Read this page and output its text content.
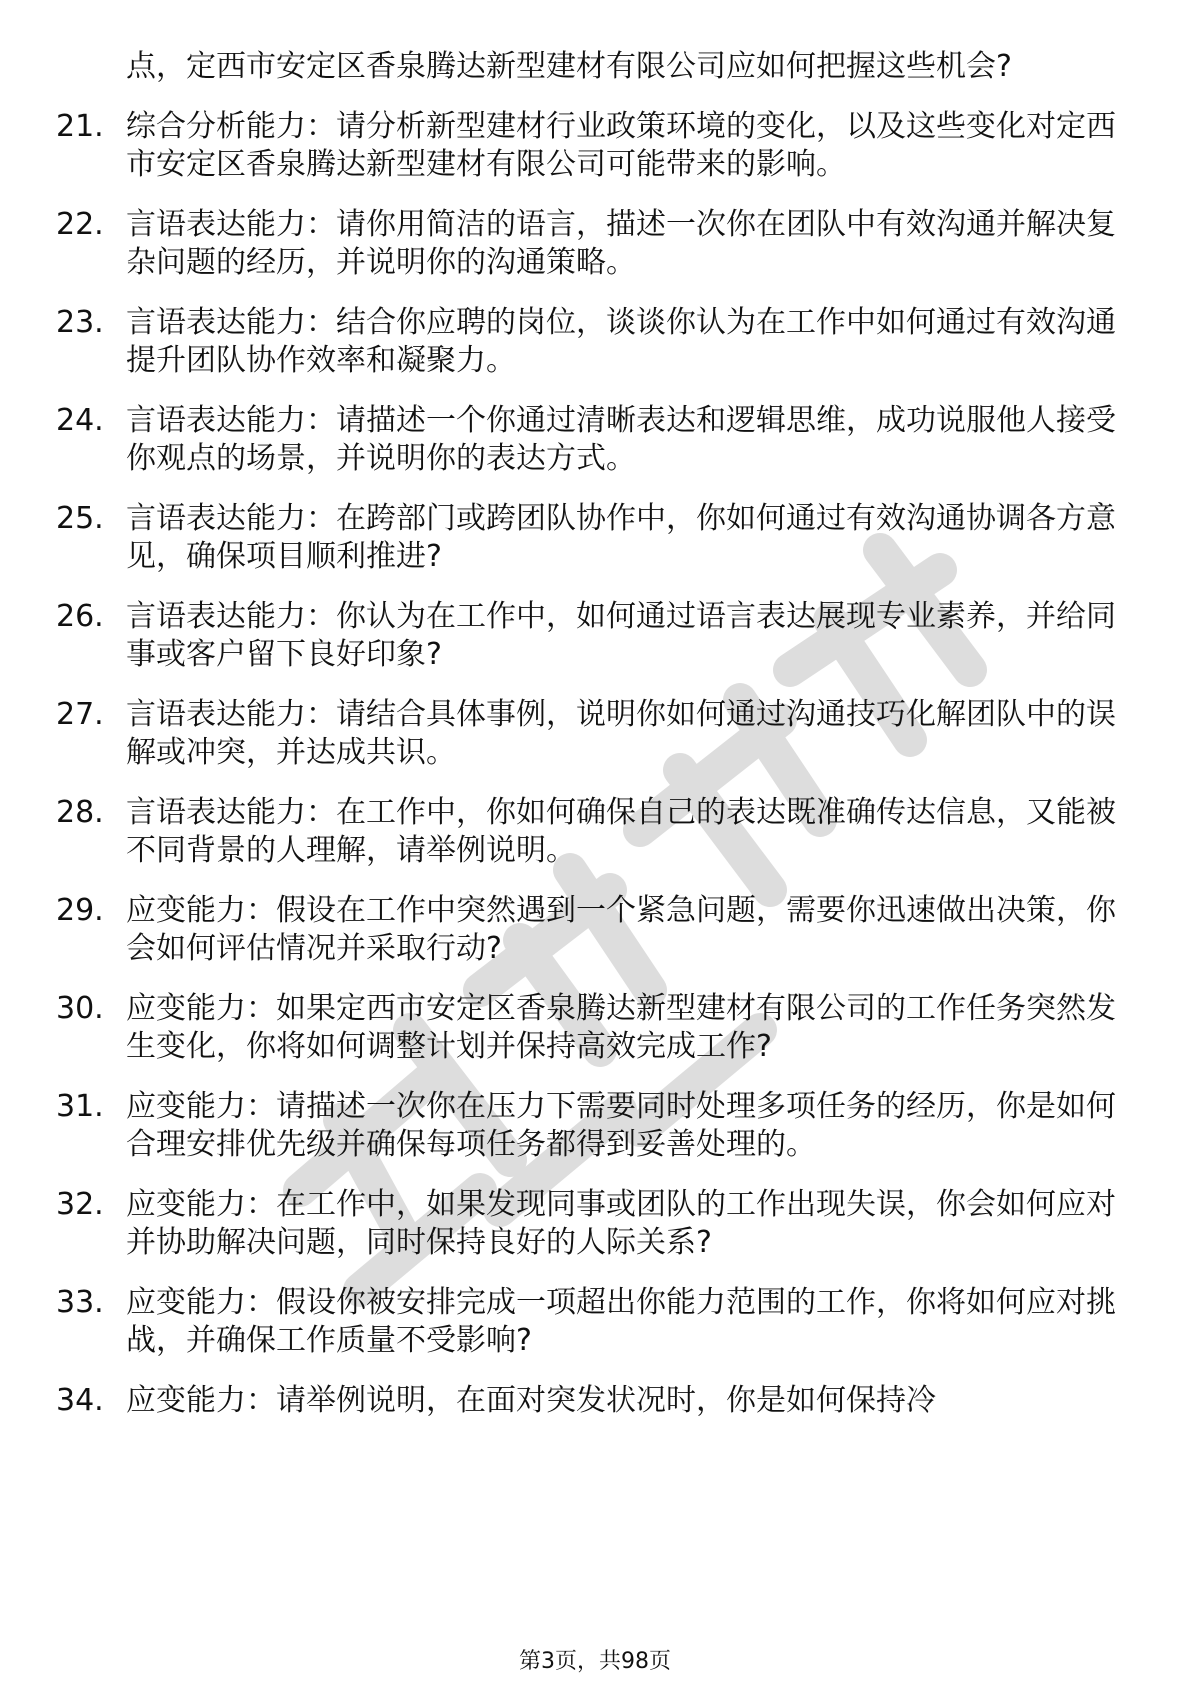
点，定西市安定区香泉腾达新型建材有限公司应如何把握这些机会?
21. 综合分析能力：请分析新型建材行业政策环境的变化，以及这些变化对定西市安定区香泉腾达新型建材有限公司可能带来的影响。
22. 言语表达能力：请你用简洁的语言，描述一次你在团队中有效沟通并解决复杂问题的经历，并说明你的沟通策略。
23. 言语表达能力：结合你应聘的岗位，谈谈你认为在工作中如何通过有效沟通提升团队协作效率和凝聚力。
24. 言语表达能力：请描述一个你通过清晰表达和逻辑思维，成功说服他人接受你观点的场景，并说明你的表达方式。
25. 言语表达能力：在跨部门或跨团队协作中，你如何通过有效沟通协调各方意见，确保项目顺利推进?
26. 言语表达能力：你认为在工作中，如何通过语言表达展现专业素养，并给同事或客户留下良好印象?
27. 言语表达能力：请结合具体事例，说明你如何通过沟通技巧化解团队中的误解或冲突，并达成共识。
28. 言语表达能力：在工作中，你如何确保自己的表达既准确传达信息，又能被不同背景的人理解，请举例说明。
29. 应变能力：假设在工作中突然遇到一个紧急问题，需要你迅速做出决策，你会如何评估情况并采取行动?
30. 应变能力：如果定西市安定区香泉腾达新型建材有限公司的工作任务突然发生变化，你将如何调整计划并保持高效完成工作?
31. 应变能力：请描述一次你在压力下需要同时处理多项任务的经历，你是如何合理安排优先级并确保每项任务都得到妥善处理的。
32. 应变能力：在工作中，如果发现同事或团队的工作出现失误，你会如何应对并协助解决问题，同时保持良好的人际关系?
33. 应变能力：假设你被安排完成一项超出你能力范围的工作，你将如何应对挑战，并确保工作质量不受影响?
34. 应变能力：请举例说明，在面对突发状况时，你是如何保持冷
第3页，共98页
